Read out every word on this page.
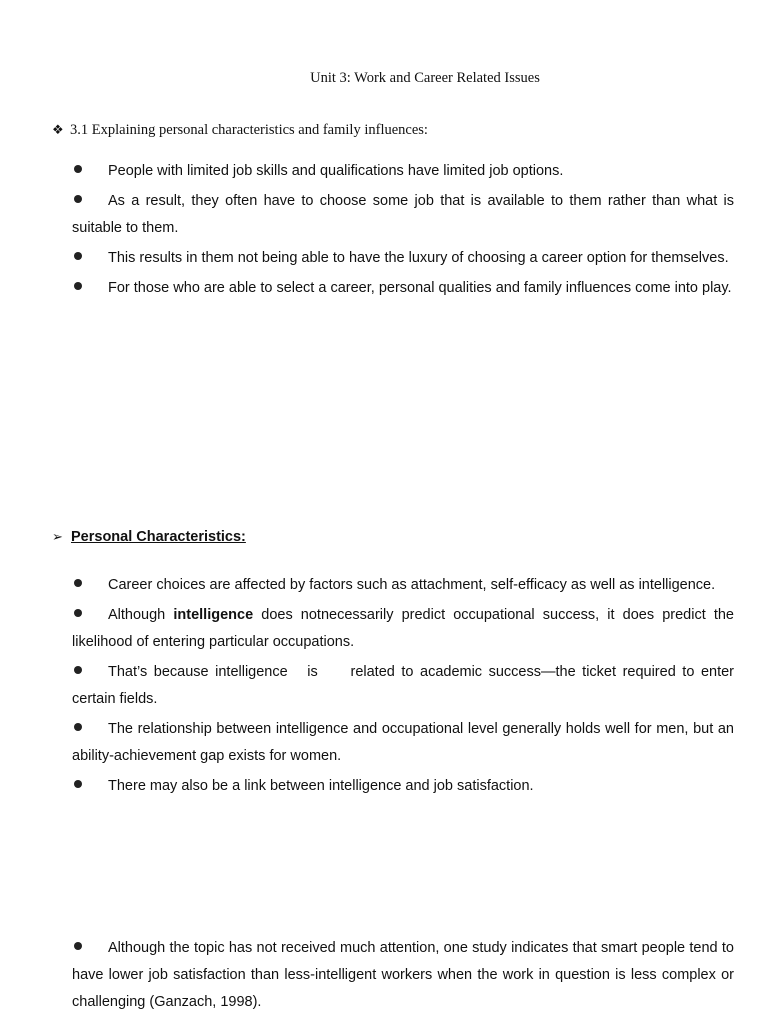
Unit 3: Work and Career Related Issues
❖ 3.1 Explaining personal characteristics and family influences:
People with limited job skills and qualifications have limited job options.
As a result, they often have to choose some job that is available to them rather than what is suitable to them.
This results in them not being able to have the luxury of choosing a career option for themselves.
For those who are able to select a career, personal qualities and family influences come into play.
➢ Personal Characteristics:
Career choices are affected by factors such as attachment, self-efficacy as well as intelligence.
Although intelligence does notnecessarily predict occupational success, it does predict the likelihood of entering particular occupations.
That’s because intelligence   is     related to academic success—the ticket required to enter certain fields.
The relationship between intelligence and occupational level generally holds well for men, but an ability-achievement gap exists for women.
There may also be a link between intelligence and job satisfaction.
Although the topic has not received much attention, one study indicates that smart people tend to have lower job satisfaction than less-intelligent workers when the work in question is less complex or challenging (Ganzach, 1998).
